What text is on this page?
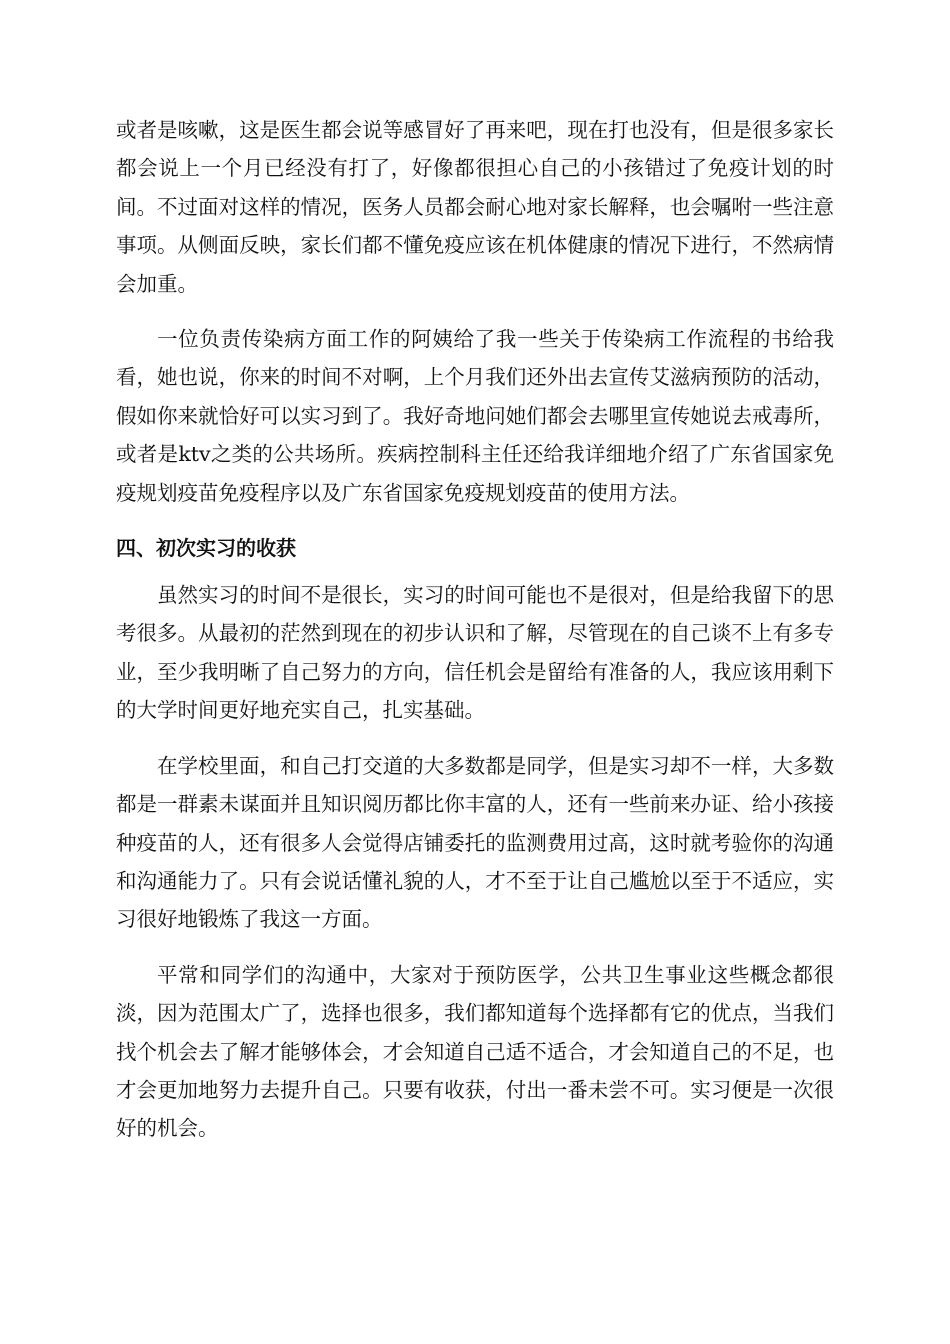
或者是咳嗽，这是医生都会说等感冒好了再来吧，现在打也没有，但是很多家长都会说上一个月已经没有打了，好像都很担心自己的小孩错过了免疫计划的时间。不过面对这样的情况，医务人员都会耐心地对家长解释，也会嘱咐一些注意事项。从侧面反映，家长们都不懂免疫应该在机体健康的情况下进行，不然病情会加重。

一位负责传染病方面工作的阿姨给了我一些关于传染病工作流程的书给我看，她也说，你来的时间不对啊，上个月我们还外出去宣传艾滋病预防的活动，假如你来就恰好可以实习到了。我好奇地问她们都会去哪里宣传她说去戒毒所，或者是ktv之类的公共场所。疾病控制科主任还给我详细地介绍了广东省国家免疫规划疫苗免疫程序以及广东省国家免疫规划疫苗的使用方法。

四、初次实习的收获

虽然实习的时间不是很长，实习的时间可能也不是很对，但是给我留下的思考很多。从最初的茫然到现在的初步认识和了解，尽管现在的自己谈不上有多专业，至少我明晰了自己努力的方向，信任机会是留给有准备的人，我应该用剩下的大学时间更好地充实自己，扎实基础。

在学校里面，和自己打交道的大多数都是同学，但是实习却不一样，大多数都是一群素未谋面并且知识阅历都比你丰富的人，还有一些前来办证、给小孩接种疫苗的人，还有很多人会觉得店铺委托的监测费用过高，这时就考验你的沟通和沟通能力了。只有会说话懂礼貌的人，才不至于让自己尴尬以至于不适应，实习很好地锻炼了我这一方面。

平常和同学们的沟通中，大家对于预防医学，公共卫生事业这些概念都很淡，因为范围太广了，选择也很多，我们都知道每个选择都有它的优点，当我们找个机会去了解才能够体会，才会知道自己适不适合，才会知道自己的不足，也才会更加地努力去提升自己。只要有收获，付出一番未尝不可。实习便是一次很好的机会。
